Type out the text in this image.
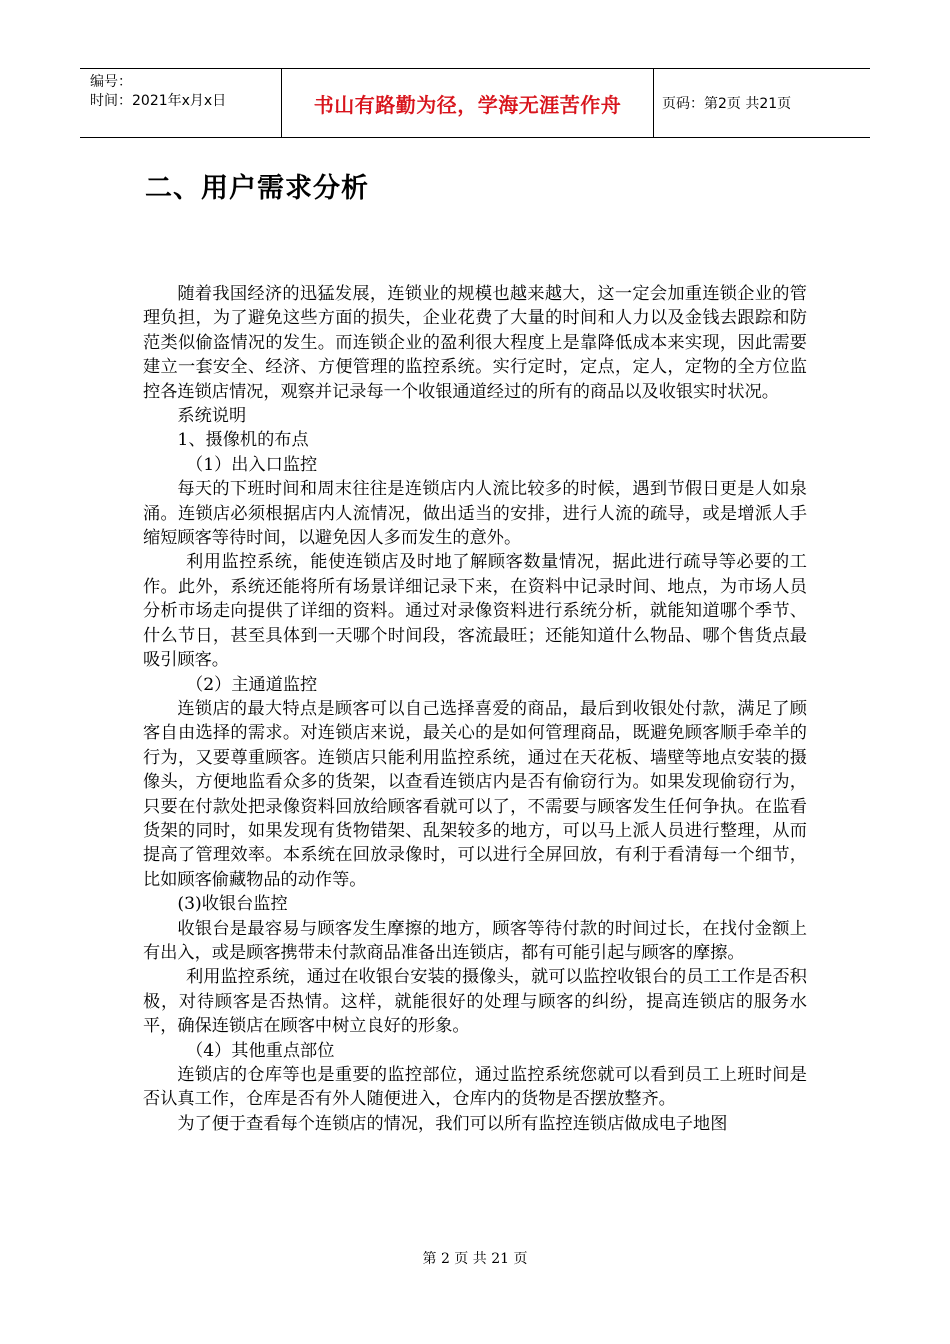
编号：
时间：2021年x月x日	书山有路勤为径，学海无涯苦作舟	页码：第2页 共21页
二、用户需求分析

随着我国经济的迅猛发展，连锁业的规模也越来越大，这一定会加重连锁企业的管理负担，为了避免这些方面的损失，企业花费了大量的时间和人力以及金钱去跟踪和防范类似偷盗情况的发生。而连锁企业的盈利很大程度上是靠降低成本来实现，因此需要建立一套安全、经济、方便管理的监控系统。实行定时，定点，定人，定物的全方位监控各连锁店情况，观察并记录每一个收银通道经过的所有的商品以及收银实时状况。

系统说明

1、摄像机的布点

（1）出入口监控

每天的下班时间和周末往往是连锁店内人流比较多的时候，遇到节假日更是人如泉涌。连锁店必须根据店内人流情况，做出适当的安排，进行人流的疏导，或是增派人手缩短顾客等待时间，以避免因人多而发生的意外。

利用监控系统，能使连锁店及时地了解顾客数量情况，据此进行疏导等必要的工作。此外，系统还能将所有场景详细记录下来，在资料中记录时间、地点，为市场人员分析市场走向提供了详细的资料。通过对录像资料进行系统分析，就能知道哪个季节、什么节日，甚至具体到一天哪个时间段，客流最旺；还能知道什么物品、哪个售货点最吸引顾客。

（2）主通道监控

连锁店的最大特点是顾客可以自己选择喜爱的商品，最后到收银处付款，满足了顾客自由选择的需求。对连锁店来说，最关心的是如何管理商品，既避免顾客顺手牵羊的行为，又要尊重顾客。连锁店只能利用监控系统，通过在天花板、墙壁等地点安装的摄像头，方便地监看众多的货架，以查看连锁店内是否有偷窃行为。如果发现偷窃行为，只要在付款处把录像资料回放给顾客看就可以了，不需要与顾客发生任何争执。在监看货架的同时，如果发现有货物错架、乱架较多的地方，可以马上派人员进行整理，从而提高了管理效率。本系统在回放录像时，可以进行全屏回放，有利于看清每一个细节，比如顾客偷藏物品的动作等。

(3)收银台监控

收银台是最容易与顾客发生摩擦的地方，顾客等待付款的时间过长，在找付金额上有出入，或是顾客携带未付款商品准备出连锁店，都有可能引起与顾客的摩擦。

利用监控系统，通过在收银台安装的摄像头，就可以监控收银台的员工工作是否积极，对待顾客是否热情。这样，就能很好的处理与顾客的纠纷，提高连锁店的服务水平，确保连锁店在顾客中树立良好的形象。

（4）其他重点部位

连锁店的仓库等也是重要的监控部位，通过监控系统您就可以看到员工上班时间是否认真工作，仓库是否有外人随便进入，仓库内的货物是否摆放整齐。

为了便于查看每个连锁店的情况，我们可以所有监控连锁店做成电子地图

第 2 页 共 21 页
